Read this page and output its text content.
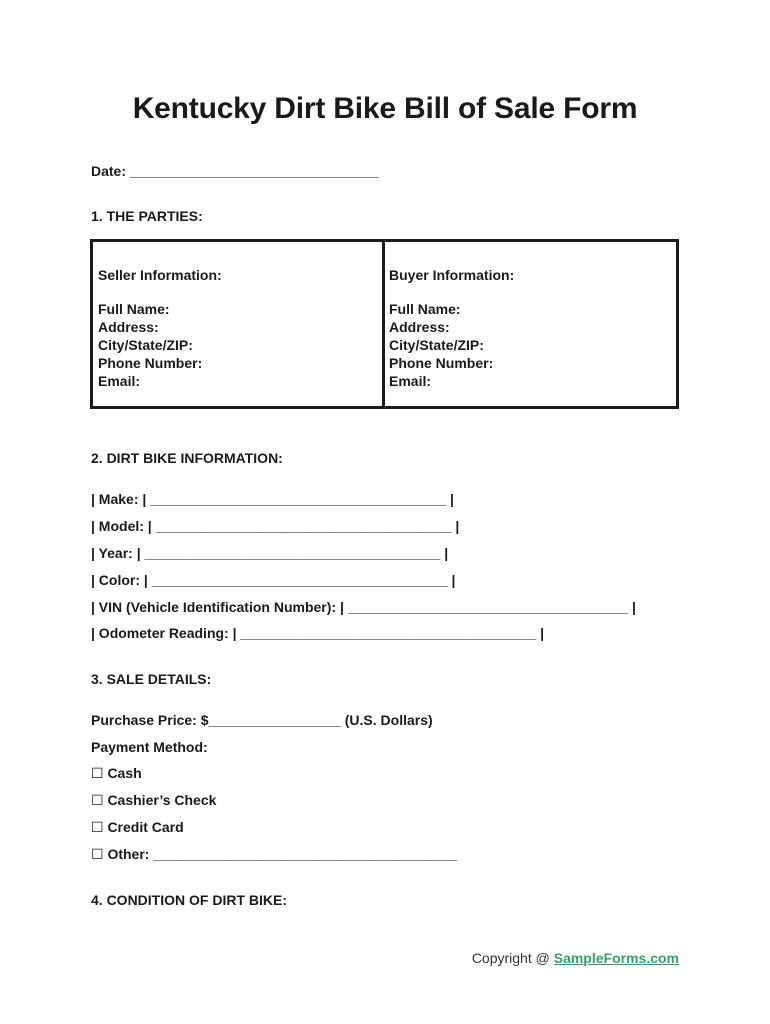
Kentucky Dirt Bike Bill of Sale Form
Date: ________________________________
1. THE PARTIES:
Seller Information:
Full Name:
Address:
City/State/ZIP:
Phone Number:
Email:
Buyer Information:
Full Name:
Address:
City/State/ZIP:
Phone Number:
Email:
2. DIRT BIKE INFORMATION:
| Make: | ______________________________________ |
| Model: | ______________________________________ |
| Year: | ______________________________________ |
| Color: | ______________________________________ |
| VIN (Vehicle Identification Number): | ____________________________________ |
| Odometer Reading: | ______________________________________ |
3. SALE DETAILS:
Purchase Price: $_________________ (U.S. Dollars)
Payment Method:
☐ Cash
☐ Cashier’s Check
☐ Credit Card
☐ Other: _______________________________________
4. CONDITION OF DIRT BIKE:
Copyright @ SampleForms.com
